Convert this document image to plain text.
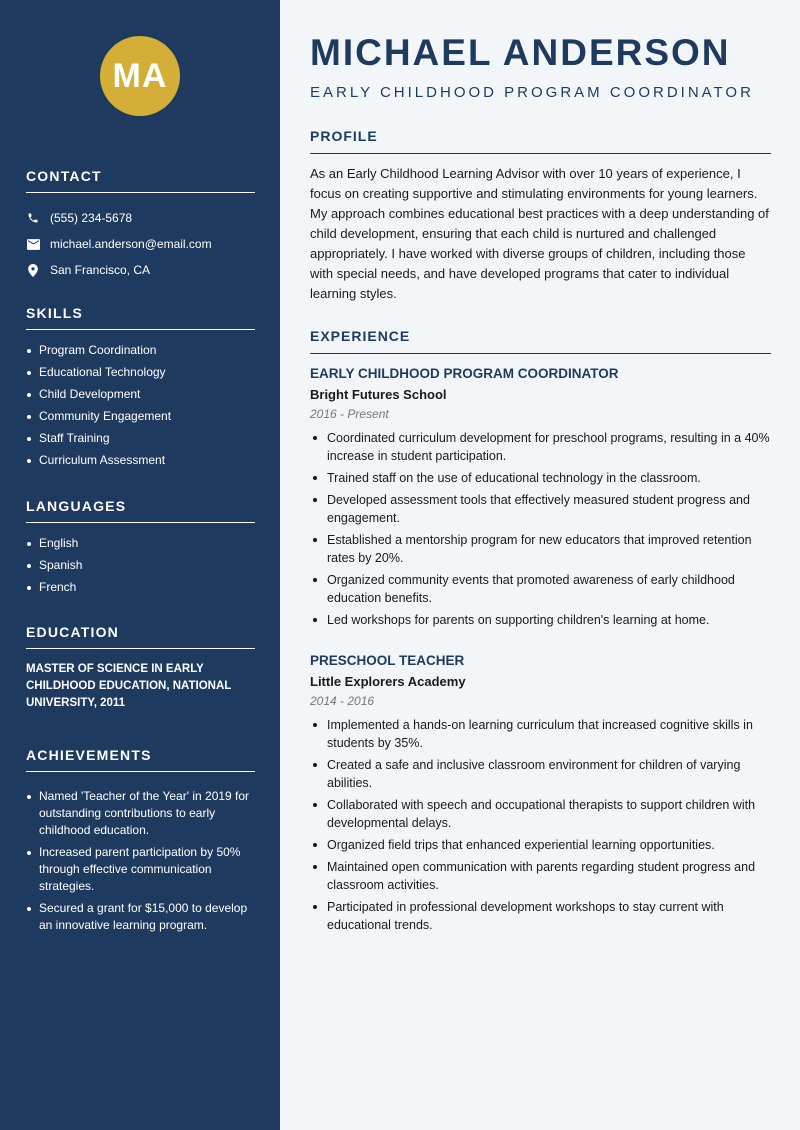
MA
CONTACT
(555) 234-5678
michael.anderson@email.com
San Francisco, CA
SKILLS
Program Coordination
Educational Technology
Child Development
Community Engagement
Staff Training
Curriculum Assessment
LANGUAGES
English
Spanish
French
EDUCATION
MASTER OF SCIENCE IN EARLY CHILDHOOD EDUCATION, NATIONAL UNIVERSITY, 2011
ACHIEVEMENTS
Named 'Teacher of the Year' in 2019 for outstanding contributions to early childhood education.
Increased parent participation by 50% through effective communication strategies.
Secured a grant for $15,000 to develop an innovative learning program.
MICHAEL ANDERSON
EARLY CHILDHOOD PROGRAM COORDINATOR
PROFILE
As an Early Childhood Learning Advisor with over 10 years of experience, I focus on creating supportive and stimulating environments for young learners. My approach combines educational best practices with a deep understanding of child development, ensuring that each child is nurtured and challenged appropriately. I have worked with diverse groups of children, including those with special needs, and have developed programs that cater to individual learning styles.
EXPERIENCE
EARLY CHILDHOOD PROGRAM COORDINATOR
Bright Futures School
2016 - Present
Coordinated curriculum development for preschool programs, resulting in a 40% increase in student participation.
Trained staff on the use of educational technology in the classroom.
Developed assessment tools that effectively measured student progress and engagement.
Established a mentorship program for new educators that improved retention rates by 20%.
Organized community events that promoted awareness of early childhood education benefits.
Led workshops for parents on supporting children's learning at home.
PRESCHOOL TEACHER
Little Explorers Academy
2014 - 2016
Implemented a hands-on learning curriculum that increased cognitive skills in students by 35%.
Created a safe and inclusive classroom environment for children of varying abilities.
Collaborated with speech and occupational therapists to support children with developmental delays.
Organized field trips that enhanced experiential learning opportunities.
Maintained open communication with parents regarding student progress and classroom activities.
Participated in professional development workshops to stay current with educational trends.
